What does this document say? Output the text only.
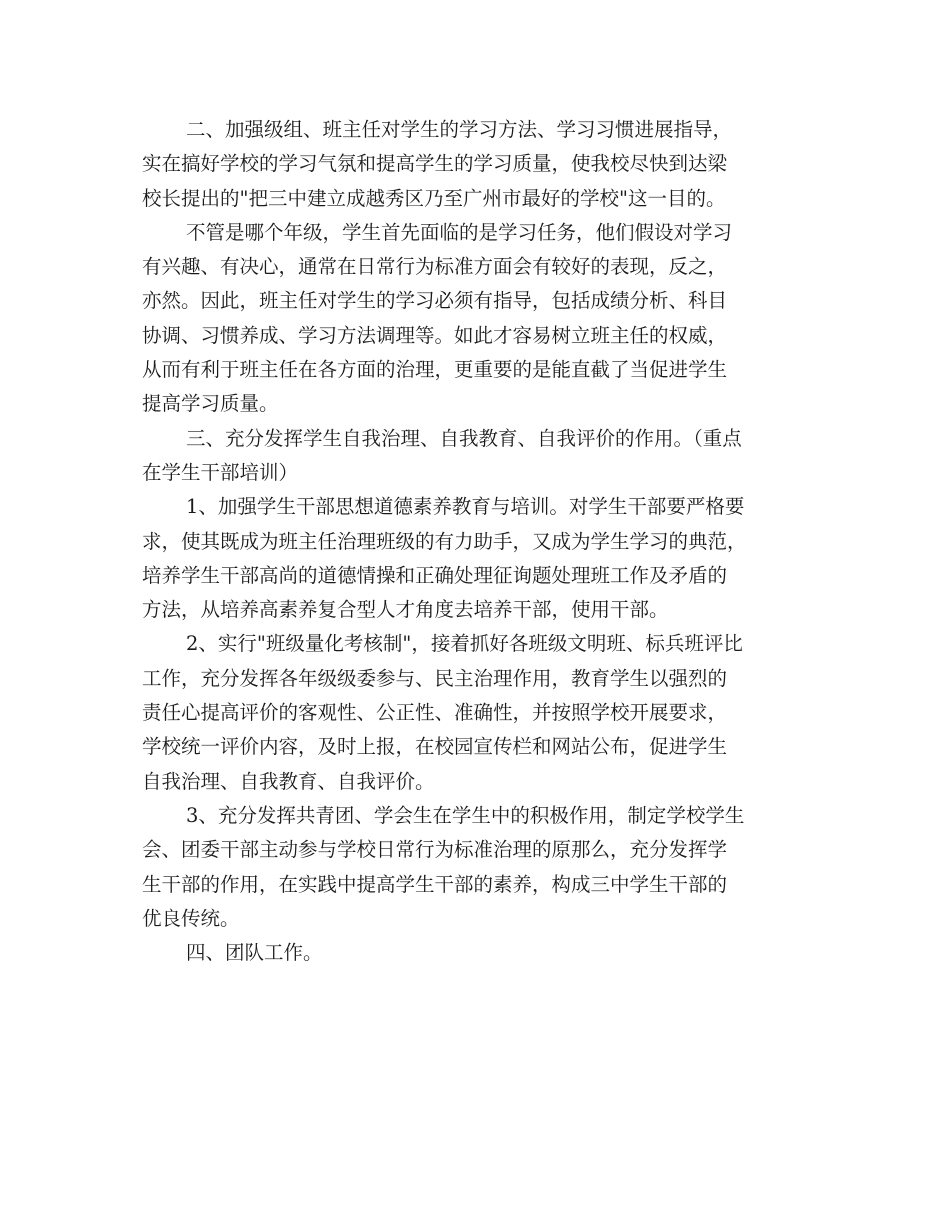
二、加强级组、班主任对学生的学习方法、学习习惯进展指导，
实在搞好学校的学习气氛和提高学生的学习质量，使我校尽快到达梁
校长提出的"把三中建立成越秀区乃至广州市最好的学校"这一目的。
不管是哪个年级，学生首先面临的是学习任务，他们假设对学习
有兴趣、有决心，通常在日常行为标准方面会有较好的表现，反之，
亦然。因此，班主任对学生的学习必须有指导，包括成绩分析、科目
协调、习惯养成、学习方法调理等。如此才容易树立班主任的权威，
从而有利于班主任在各方面的治理，更重要的是能直截了当促进学生
提高学习质量。
三、充分发挥学生自我治理、自我教育、自我评价的作用。（重点
在学生干部培训）
1、加强学生干部思想道德素养教育与培训。对学生干部要严格要
求，使其既成为班主任治理班级的有力助手，又成为学生学习的典范，
培养学生干部高尚的道德情操和正确处理征询题处理班工作及矛盾的
方法，从培养高素养复合型人才角度去培养干部，使用干部。
2、实行"班级量化考核制"，接着抓好各班级文明班、标兵班评比
工作，充分发挥各年级级委参与、民主治理作用，教育学生以强烈的
责任心提高评价的客观性、公正性、准确性，并按照学校开展要求，
学校统一评价内容，及时上报，在校园宣传栏和网站公布，促进学生
自我治理、自我教育、自我评价。
3、充分发挥共青团、学会生在学生中的积极作用，制定学校学生
会、团委干部主动参与学校日常行为标准治理的原那么，充分发挥学
生干部的作用，在实践中提高学生干部的素养，构成三中学生干部的
优良传统。
四、团队工作。
